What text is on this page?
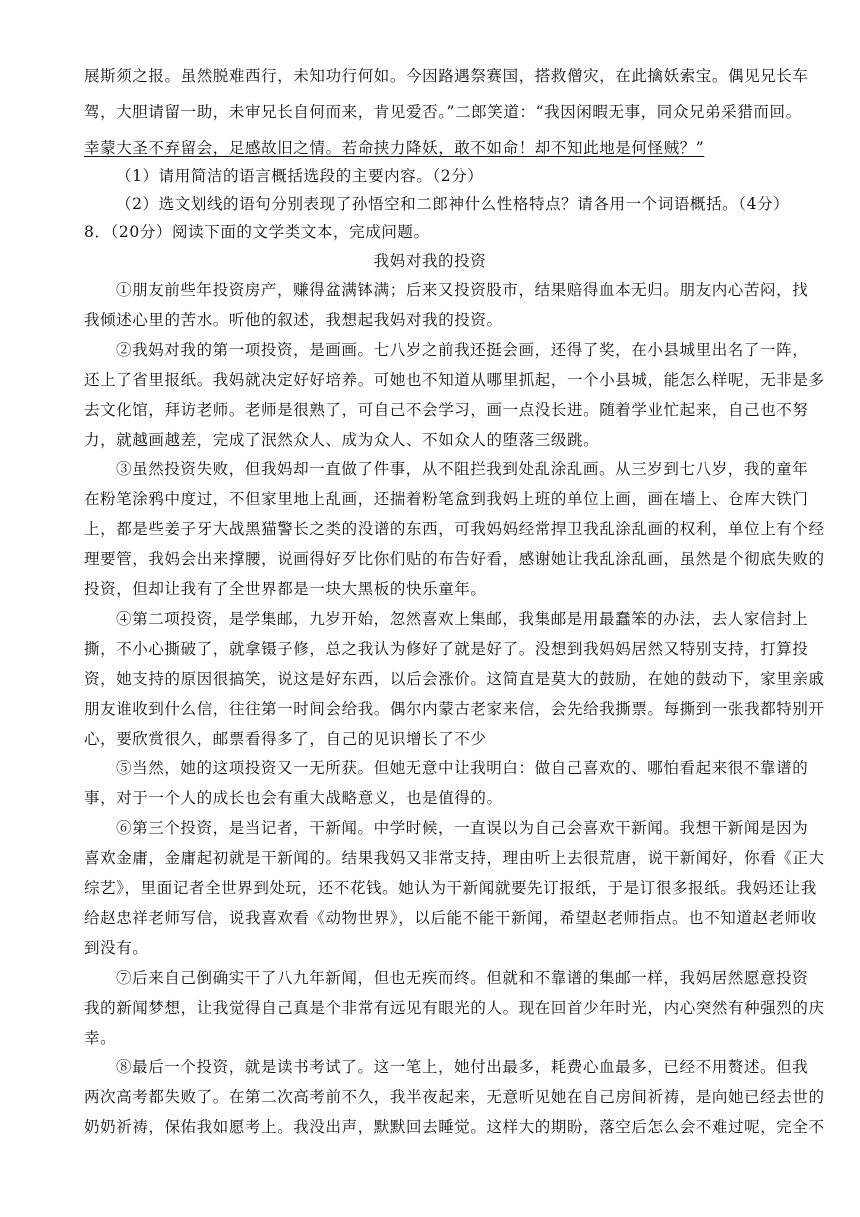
展斯须之报。虽然脱难西行，未知功行何如。今因路遇祭赛国，搭救僧灾，在此擒妖索宝。偶见兄长车
驾，大胆请留一助，未审兄长自何而来，肯见爱否。”二郎笑道：“我因闲暇无事，同众兄弟采猎而回。
幸蒙大圣不弃留会，足感故旧之情。若命挟力降妖，敢不如命！却不知此地是何怪贼？”
（1）请用简洁的语言概括选段的主要内容。（2分）
（2）选文划线的语句分别表现了孙悟空和二郎神什么性格特点？请各用一个词语概括。（4分）
8．（20分）阅读下面的文学类文本，完成问题。
我妈对我的投资
①朋友前些年投资房产，赚得盆满钵满；后来又投资股市，结果赔得血本无归。朋友内心苦闷，找
我倾述心里的苦水。听他的叙述，我想起我妈对我的投资。
②我妈对我的第一项投资，是画画。七八岁之前我还挺会画，还得了奖，在小县城里出名了一阵，
还上了省里报纸。我妈就决定好好培养。可她也不知道从哪里抓起，一个小县城，能怎么样呢，无非是多
去文化馆，拜访老师。老师是很熟了，可自己不会学习，画一点没长进。随着学业忙起来，自己也不努
力，就越画越差，完成了泯然众人、成为众人、不如众人的堕落三级跳。
③虽然投资失败，但我妈却一直做了件事，从不阻拦我到处乱涂乱画。从三岁到七八岁，我的童年
在粉笔涂鸦中度过，不但家里地上乱画，还揣着粉笔盒到我妈上班的单位上画，画在墙上、仓库大铁门
上，都是些姜子牙大战黑猫警长之类的没谱的东西，可我妈妈经常捍卫我乱涂乱画的权利，单位上有个经
理要管，我妈会出来撑腰，说画得好歹比你们贴的布告好看，感谢她让我乱涂乱画，虽然是个彻底失败的
投资，但却让我有了全世界都是一块大黑板的快乐童年。
④第二项投资，是学集邮，九岁开始，忽然喜欢上集邮，我集邮是用最蠢笨的办法，去人家信封上
撕，不小心撕破了，就拿镊子修，总之我认为修好了就是好了。没想到我妈妈居然又特别支持，打算投
资，她支持的原因很搞笑，说这是好东西，以后会涨价。这简直是莫大的鼓励，在她的鼓动下，家里亲戚
朋友谁收到什么信，往往第一时间会给我。偶尔内蒙古老家来信，会先给我撕票。每撕到一张我都特别开
心，要欣赏很久，邮票看得多了，自己的见识增长了不少
⑤当然，她的这项投资又一无所获。但她无意中让我明白：做自己喜欢的、哪怕看起来很不靠谱的
事，对于一个人的成长也会有重大战略意义，也是值得的。
⑥第三个投资，是当记者，干新闻。中学时候，一直误以为自己会喜欢干新闻。我想干新闻是因为
喜欢金庸，金庸起初就是干新闻的。结果我妈又非常支持，理由听上去很荒唐，说干新闻好，你看《正大
综艺》，里面记者全世界到处玩，还不花钱。她认为干新闻就要先订报纸，于是订很多报纸。我妈还让我
给赵忠祥老师写信，说我喜欢看《动物世界》，以后能不能干新闻，希望赵老师指点。也不知道赵老师收
到没有。
⑦后来自己倒确实干了八九年新闻，但也无疾而终。但就和不靠谱的集邮一样，我妈居然愿意投资
我的新闻梦想，让我觉得自己真是个非常有远见有眼光的人。现在回首少年时光，内心突然有种强烈的庆
幸。
⑧最后一个投资，就是读书考试了。这一笔上，她付出最多，耗费心血最多，已经不用赘述。但我
两次高考都失败了。在第二次高考前不久，我半夜起来，无意听见她在自己房间祈祷，是向她已经去世的
奶奶祈祷，保佑我如愿考上。我没出声，默默回去睡觉。这样大的期盼，落空后怎么会不难过呢，完全不
